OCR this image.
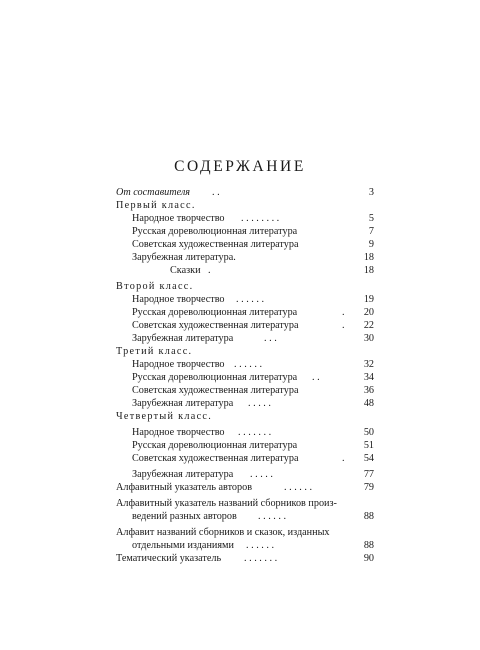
СОДЕРЖАНИЕ
От составителя . .	3
Первый класс.
Народное творчество . . . . . . . .	5
Русская дореволюционная литература	7
Советская художественная литература	9
Зарубежная литература.	18
Сказки .	18
Второй класс.
Народное творчество . . . . . .	19
Русская дореволюционная литература	. 20
Советская художественная литература	. 22
Зарубежная литература	. . .	30
Третий класс.
Народное творчество . . . . . .	32
Русская дореволюционная литература . .	34
Советская художественная литература	36
Зарубежная литература . . . . .	48
Четвертый класс.
Народное творчество . . . . . . .	50
Русская дореволюционная литература	51
Советская художественная литература	. 54
Зарубежная литература . . . . .	77
Алфавитный указатель авторов	. . . . . .	79
Алфавитный указатель названий сборников произ-
ведений разных авторов . . . . . .	88
Алфавит названий сборников и сказок, изданных
отдельными изданиями . . . . . .	88
Тематический указатель . . . . . . .	90
